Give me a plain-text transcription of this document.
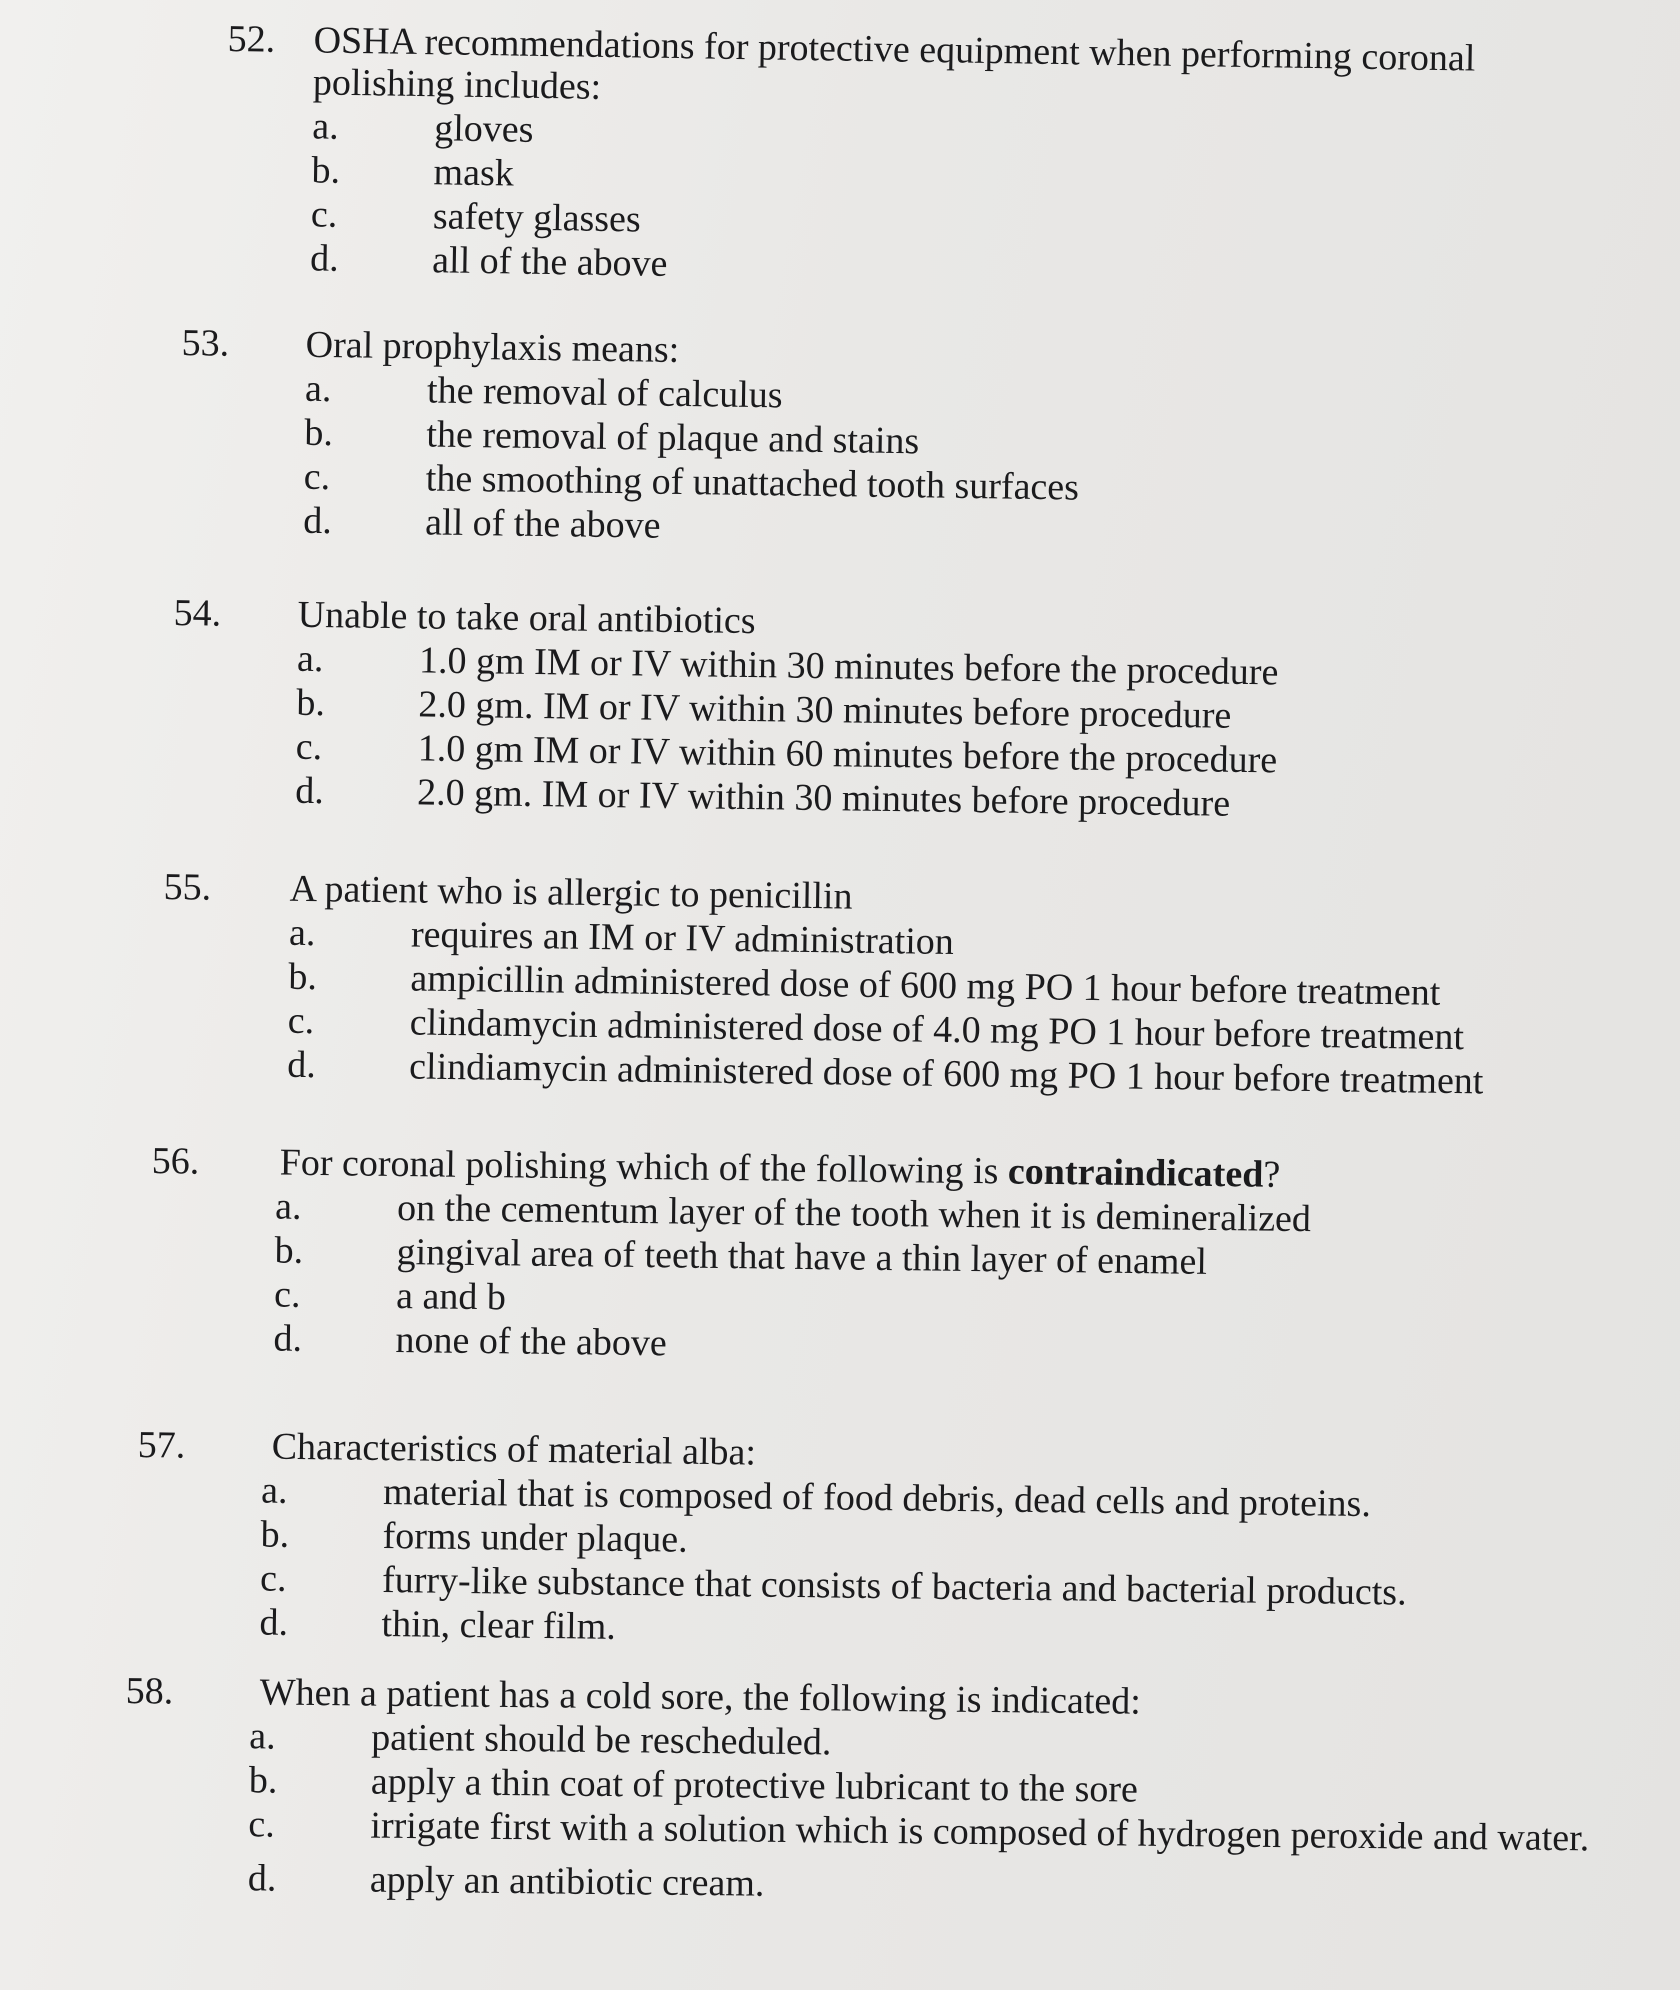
52. OSHA recommendations for protective equipment when performing coronal polishing includes:
a.	gloves
b.	mask
c.	safety glasses
d.	all of the above
53.	Oral prophylaxis means:
a.	the removal of calculus
b.	the removal of plaque and stains
c.	the smoothing of unattached tooth surfaces
d.	all of the above
54.	Unable to take oral antibiotics
a.	1.0 gm IM or IV within 30 minutes before the procedure
b.	2.0 gm. IM or IV within 30 minutes before procedure
c.	1.0 gm IM or IV within 60 minutes before the procedure
d.	2.0 gm. IM or IV within 30 minutes before procedure
55.	A patient who is allergic to penicillin
a.	requires an IM or IV administration
b.	ampicillin administered dose of 600 mg PO 1 hour before treatment
c.	clindamycin administered dose of 4.0 mg PO 1 hour before treatment
d.	clindiamycin administered dose of 600 mg PO 1 hour before treatment
56.	For coronal polishing which of the following is contraindicated?
a.	on the cementum layer of the tooth when it is demineralized
b.	gingival area of teeth that have a thin layer of enamel
c.	a and b
d.	none of the above
57.	Characteristics of material alba:
a.	material that is composed of food debris, dead cells and proteins.
b.	forms under plaque.
c.	furry-like substance that consists of bacteria and bacterial products.
d.	thin, clear film.
58.	When a patient has a cold sore, the following is indicated:
a.	patient should be rescheduled.
b.	apply a thin coat of protective lubricant to the sore
c.	irrigate first with a solution which is composed of hydrogen peroxide and water.
d.	apply an antibiotic cream.
